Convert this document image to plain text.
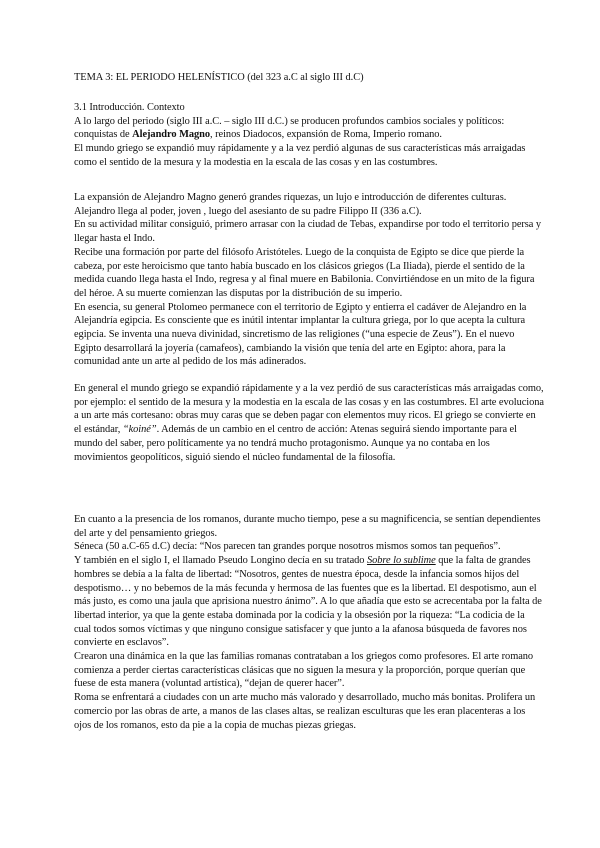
TEMA 3: EL PERIODO HELENÍSTICO (del 323 a.C al siglo III d.C)

3.1 Introducción. Contexto

A lo largo del periodo (siglo III a.C. – siglo III d.C.) se producen profundos cambios sociales y políticos: conquistas de Alejandro Magno, reinos Diadocos, expansión de Roma, Imperio romano.

El mundo griego se expandió muy rápidamente y a la vez perdió algunas de sus características más arraigadas como el sentido de la mesura y la modestia en la escala de las cosas y en las costumbres.

La expansión de Alejandro Magno generó grandes riquezas, un lujo e introducción de diferentes culturas. Alejandro llega al poder, joven , luego del asesianto de su padre Filippo II (336 a.C).

En su actividad militar consiguió, primero arrasar con la ciudad de Tebas, expandirse por todo el territorio persa y llegar hasta el Indo.

Recibe una formación por parte del filósofo Aristóteles. Luego de la conquista de Egipto se dice que pierde la cabeza, por este heroicismo que tanto había buscado en los clásicos griegos (La Iliada), pierde el sentido de la medida cuando llega hasta el Indo, regresa y al final muere en Babilonia. Convirtiéndose en un mito de la figura del héroe. A su muerte comienzan las disputas por la distribución de su imperio.

En esencia, su general Ptolomeo permanece con el territorio de Egipto y entierra el cadáver de Alejandro en la Alejandría egipcia. Es consciente que es inútil intentar implantar la cultura griega, por lo que acepta la cultura egipcia. Se inventa una nueva divinidad, sincretismo de las religiones (“una especie de Zeus”). En el nuevo Egipto desarrollará la joyería (camafeos), cambiando la visión que tenía del arte en Egipto: ahora, para la comunidad ante un arte al pedido de los más adinerados.

En general el mundo griego se expandió rápidamente y a la vez perdió de sus características más arraigadas como, por ejemplo: el sentido de la mesura y la modestia en la escala de las cosas y en las costumbres. El arte evoluciona a un arte más cortesano: obras muy caras que se deben pagar con elementos muy ricos. El griego se convierte en el estándar, “koiné”. Además de un cambio en el centro de acción: Atenas seguirá siendo importante para el mundo del saber, pero políticamente ya no tendrá mucho protagonismo. Aunque ya no contaba en los movimientos geopolíticos, siguió siendo el núcleo fundamental de la filosofía.

En cuanto a la presencia de los romanos, durante mucho tiempo, pese a su magnificencia, se sentían dependientes del arte y del pensamiento griegos.

Séneca (50 a.C-65 d.C) decía: “Nos parecen tan grandes porque nosotros mismos somos tan pequeños”.

Y también en el siglo I, el llamado Pseudo Longino decía en su tratado Sobre lo sublime que la falta de grandes hombres se debía a la falta de libertad: “Nosotros, gentes de nuestra época, desde la infancia somos hijos del despotismo… y no bebemos de la más fecunda y hermosa de las fuentes que es la libertad. El despotismo, aun el más justo, es como una jaula que aprisiona nuestro ánimo”. A lo que añadía que esto se acrecentaba por la falta de libertad interior, ya que la gente estaba dominada por la codicia y la obsesión por la riqueza: “La codicia de la cual todos somos víctimas y que ninguno consigue satisfacer y que junto a la afanosa búsqueda de favores nos convierte en esclavos”.

Crearon una dinámica en la que las familias romanas contrataban a los griegos como profesores. El arte romano comienza a perder ciertas características clásicas que no siguen la mesura y la proporción, porque querían que fuese de esta manera (voluntad artística), “dejan de querer hacer”.

Roma se enfrentará a ciudades con un arte mucho más valorado y desarrollado, mucho más bonitas. Prolifera un comercio por las obras de arte, a manos de las clases altas, se realizan esculturas que les eran placenteras a los ojos de los romanos, esto da pie a la copia de muchas piezas griegas.
